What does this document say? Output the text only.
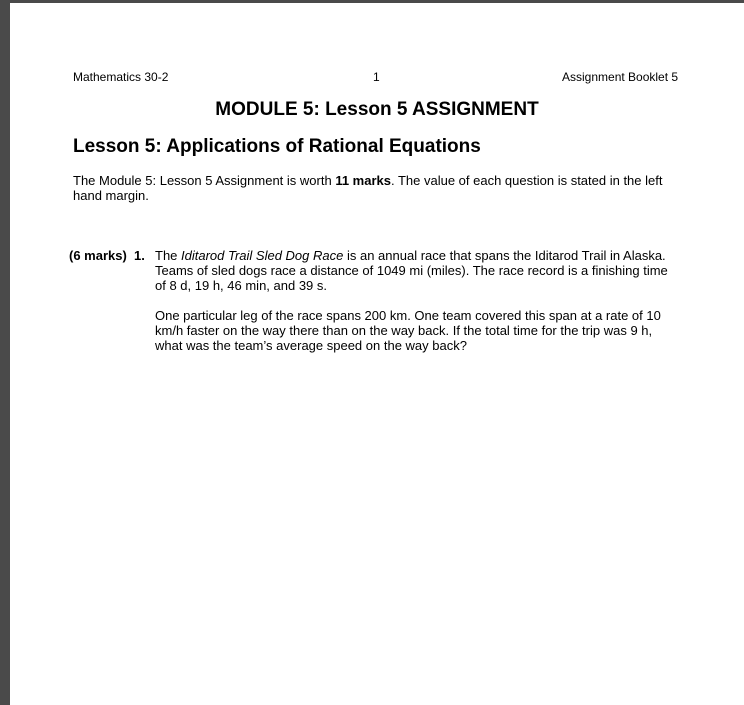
Mathematics 30-2	1	Assignment Booklet 5
MODULE 5: Lesson 5 ASSIGNMENT
Lesson 5: Applications of Rational Equations
The Module 5: Lesson 5 Assignment is worth 11 marks. The value of each question is stated in the left hand margin.
(6 marks) 1. The Iditarod Trail Sled Dog Race is an annual race that spans the Iditarod Trail in Alaska. Teams of sled dogs race a distance of 1049 mi (miles). The race record is a finishing time of 8 d, 19 h, 46 min, and 39 s.
One particular leg of the race spans 200 km. One team covered this span at a rate of 10 km/h faster on the way there than on the way back. If the total time for the trip was 9 h, what was the team’s average speed on the way back?
